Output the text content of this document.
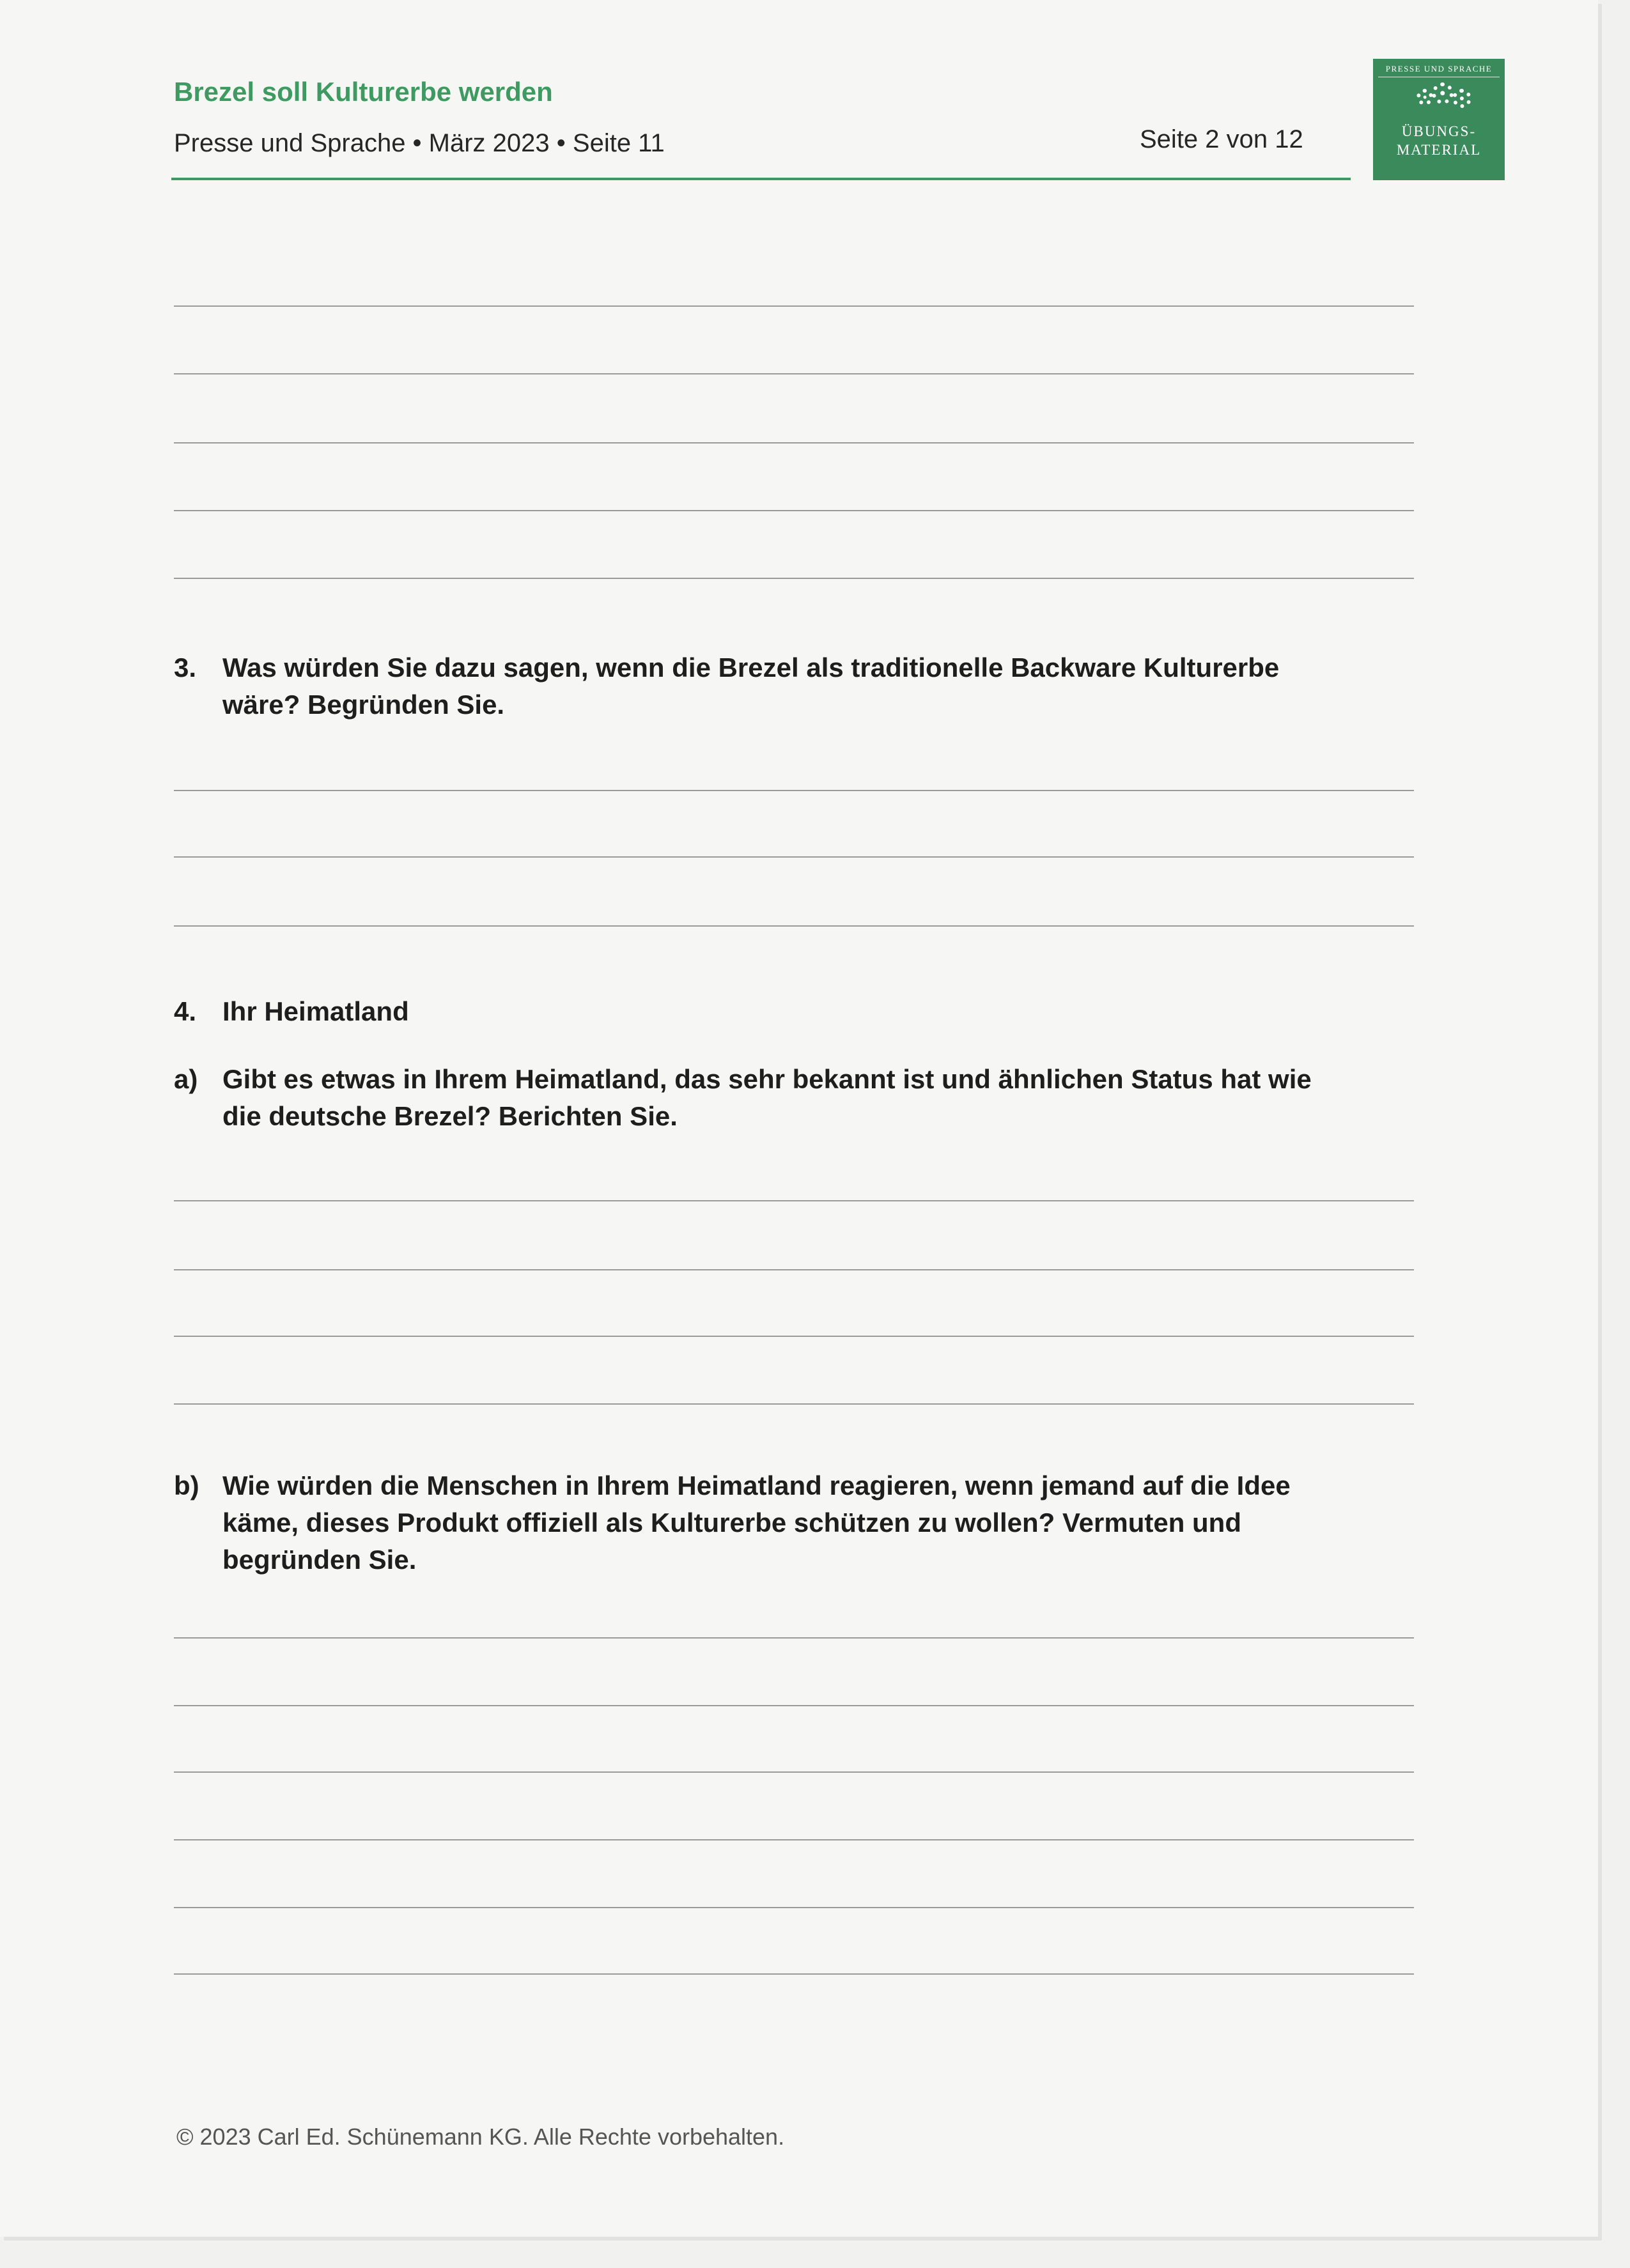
Brezel soll Kulturerbe werden
Presse und Sprache • März 2023 • Seite 11	Seite 2 von 12
PRESSE UND SPRACHE
ÜBUNGS-
MATERIAL
3. Was würden Sie dazu sagen, wenn die Brezel als traditionelle Backware Kulturerbe
wäre? Begründen Sie.
4. Ihr Heimatland
a) Gibt es etwas in Ihrem Heimatland, das sehr bekannt ist und ähnlichen Status hat wie
die deutsche Brezel? Berichten Sie.
b) Wie würden die Menschen in Ihrem Heimatland reagieren, wenn jemand auf die Idee
käme, dieses Produkt offiziell als Kulturerbe schützen zu wollen? Vermuten und
begründen Sie.
© 2023 Carl Ed. Schünemann KG. Alle Rechte vorbehalten.
